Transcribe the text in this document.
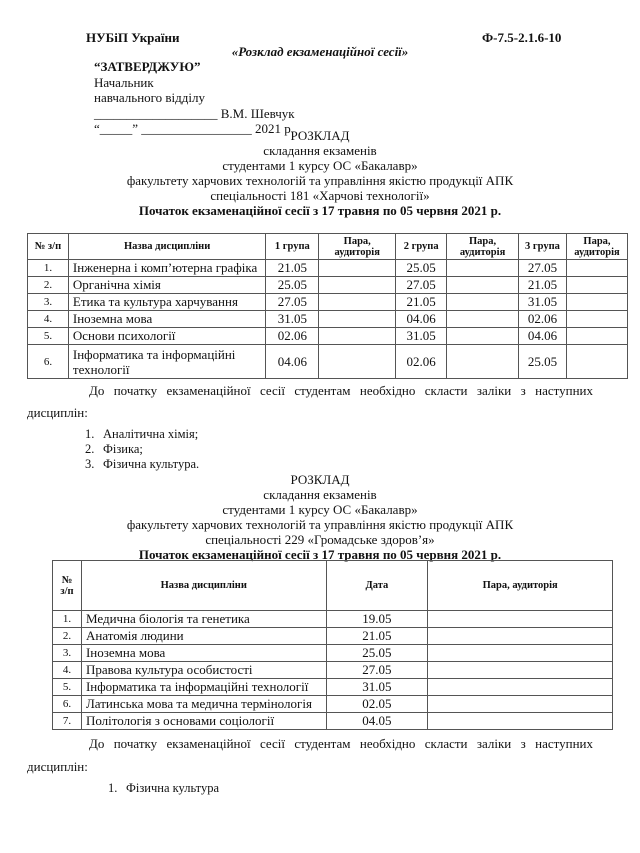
НУБіП України	Ф-7.5-2.1.6-10
«Розклад екзаменаційної сесії»
“ЗАТВЕРДЖУЮ”
Начальник
навчального відділу
___________________ В.М. Шевчук
“_____” _________________ 2021 р.
РОЗКЛАД
складання екзаменів
студентами 1 курсу ОС «Бакалавр»
факультету харчових технологій та управління якістю продукції АПК
спеціальності 181 «Харчові технології»
Початок екзаменаційної сесії з 17 травня по 05 червня 2021 р.
№ з/п	Назва дисципліни	1 група	Пара, аудиторія	2 група	Пара, аудиторія	3 група	Пара, аудиторія
1.	Інженерна і комп’ютерна графіка	21.05		25.05		27.05	
2.	Органічна хімія	25.05		27.05		21.05	
3.	Етика та культура харчування	27.05		21.05		31.05	
4.	Іноземна мова	31.05		04.06		02.06	
5.	Основи психології	02.06		31.05		04.06	
6.	Інформатика та інформаційні технології	04.06		02.06		25.05	
До початку екзаменаційної сесії студентам необхідно скласти заліки з наступних
дисциплін:
1. Аналітична хімія;
2. Фізика;
3. Фізична культура.
РОЗКЛАД
складання екзаменів
студентами 1 курсу ОС «Бакалавр»
факультету харчових технологій та управління якістю продукції АПК
спеціальності 229 «Громадське здоров’я»
Початок екзаменаційної сесії з 17 травня по 05 червня 2021 р.
№ з/п	Назва дисципліни	Дата	Пара, аудиторія
1.	Медична біологія та генетика	19.05	
2.	Анатомія людини	21.05	
3.	Іноземна мова	25.05	
4.	Правова культура особистості	27.05	
5.	Інформатика та інформаційні технології	31.05	
6.	Латинська мова та медична термінологія	02.05	
7.	Політологія з основами соціології	04.05	
До початку екзаменаційної сесії студентам необхідно скласти заліки з наступних
дисциплін:
1. Фізична культура
